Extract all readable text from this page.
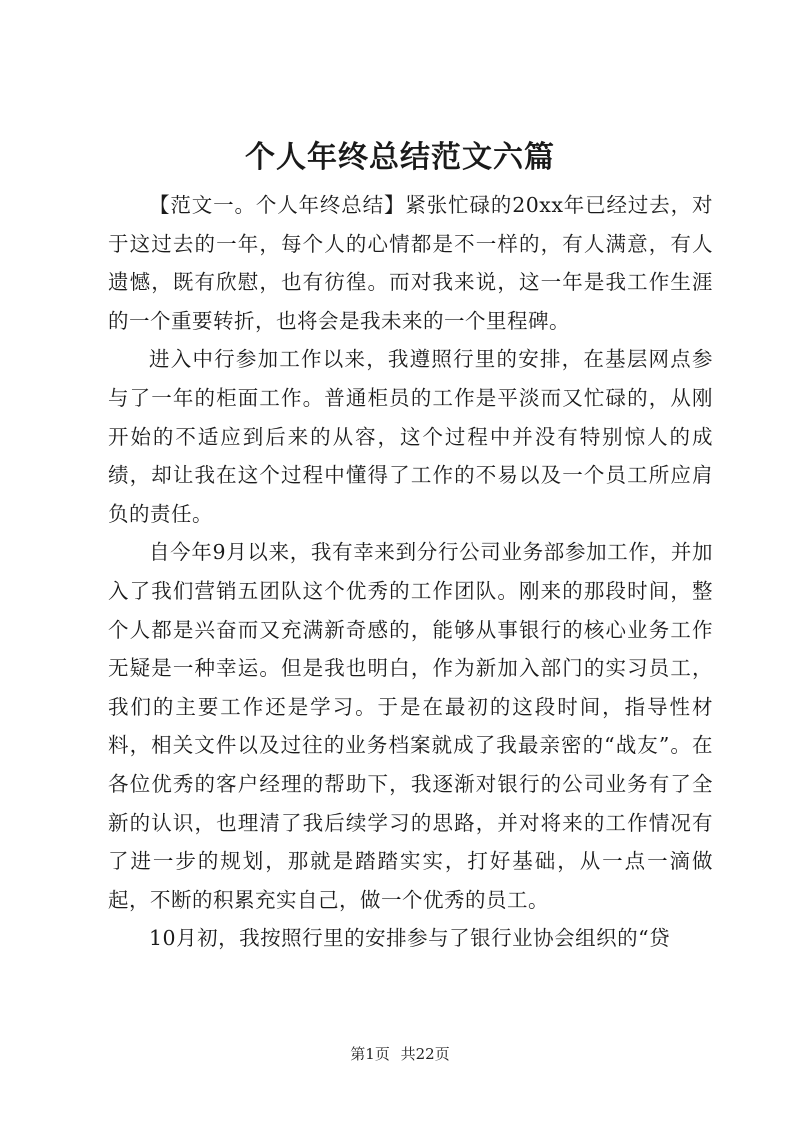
个人年终总结范文六篇

【范文一。个人年终总结】紧张忙碌的20xx年已经过去，对于这过去的一年，每个人的心情都是不一样的，有人满意，有人遗憾，既有欣慰，也有彷徨。而对我来说，这一年是我工作生涯的一个重要转折，也将会是我未来的一个里程碑。

进入中行参加工作以来，我遵照行里的安排，在基层网点参与了一年的柜面工作。普通柜员的工作是平淡而又忙碌的，从刚开始的不适应到后来的从容，这个过程中并没有特别惊人的成绩，却让我在这个过程中懂得了工作的不易以及一个员工所应肩负的责任。

自今年9月以来，我有幸来到分行公司业务部参加工作，并加入了我们营销五团队这个优秀的工作团队。刚来的那段时间，整个人都是兴奋而又充满新奇感的，能够从事银行的核心业务工作无疑是一种幸运。但是我也明白，作为新加入部门的实习员工，我们的主要工作还是学习。于是在最初的这段时间，指导性材料，相关文件以及过往的业务档案就成了我最亲密的“战友”。在各位优秀的客户经理的帮助下，我逐渐对银行的公司业务有了全新的认识，也理清了我后续学习的思路，并对将来的工作情况有了进一步的规划，那就是踏踏实实，打好基础，从一点一滴做起，不断的积累充实自己，做一个优秀的员工。

10月初，我按照行里的安排参与了银行业协会组织的“贷

第1页 共22页
